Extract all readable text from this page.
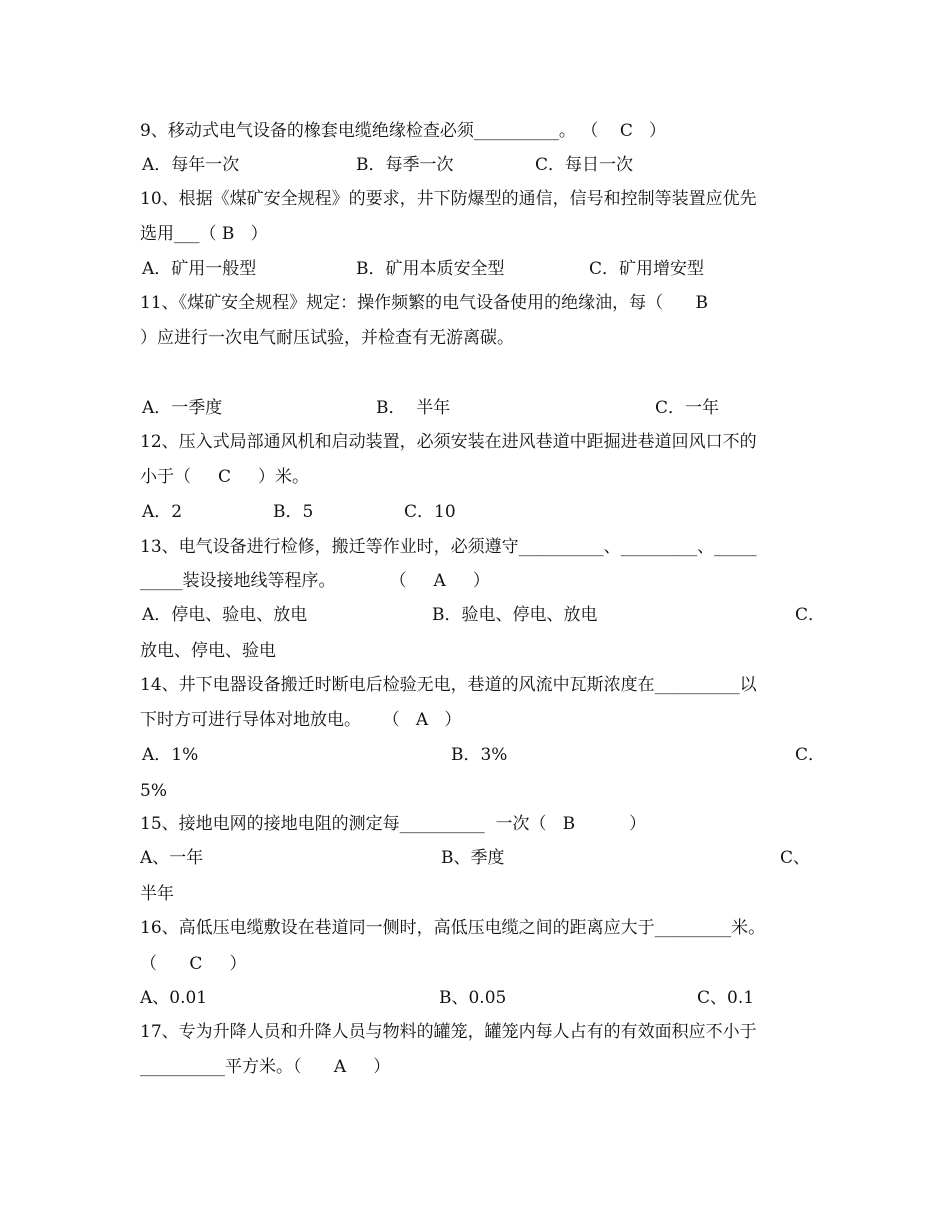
9、移动式电气设备的橡套电缆绝缘检查必须__________。 （    C   ）
A．每年一次	B．每季一次	C．每日一次
10、根据《煤矿安全规程》的要求，井下防爆型的通信，信号和控制等装置应优先
选用___（ B   ）
A．矿用一般型	B．矿用本质安全型	C．矿用增安型
11、《煤矿安全规程》规定：操作频繁的电气设备使用的绝缘油，每（      B
）应进行一次电气耐压试验，并检查有无游离碳。
A．一季度	B．  半年	C．一年
12、压入式局部通风机和启动装置，必须安装在进风巷道中距掘进巷道回风口不的
小于（     C     ）米。
A．2	B．5	C．10
13、电气设备进行检修，搬迁等作业时，必须遵守__________、_________、_____
_____装设接地线等程序。          （     A     ）
A．停电、验电、放电	B．验电、停电、放电	C．
放电、停电、验电
14、井下电器设备搬迁时断电后检验无电，巷道的风流中瓦斯浓度在__________以
下时方可进行导体对地放电。    （   A   ）
A．1%	B．3%	C．
5%
15、接地电网的接地电阻的测定每__________  一次（   B          ）
A、一年	B、季度	C、
半年
16、高低压电缆敷设在巷道同一侧时，高低压电缆之间的距离应大于_________米。
（      C     ）
A、0.01	B、0.05	C、0.1
17、专为升降人员和升降人员与物料的罐笼，罐笼内每人占有的有效面积应不小于
__________平方米。（      A     ）
